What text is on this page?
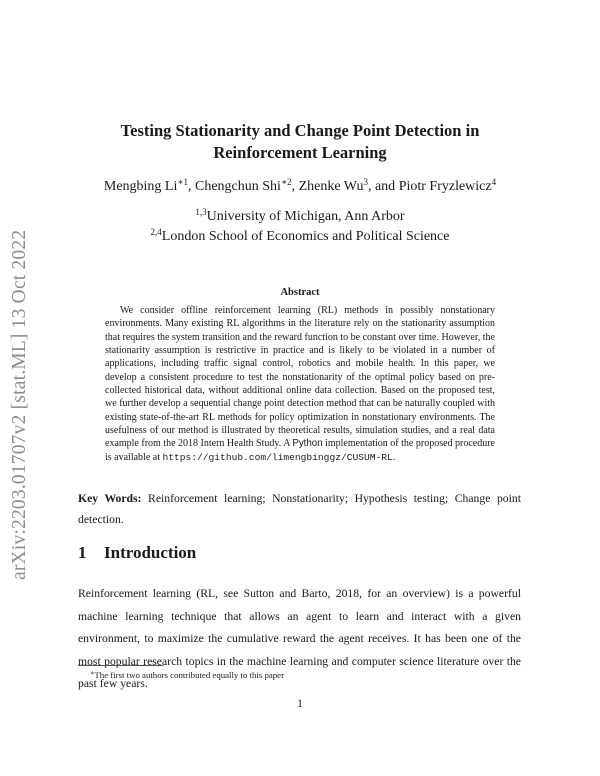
arXiv:2203.01707v2 [stat.ML] 13 Oct 2022
Testing Stationarity and Change Point Detection in
Reinforcement Learning
Mengbing $Li^{∗1}$, Chengchun Shi$^{∗2}$, Zhenke Wu$^3$, and Piotr Fryzlewicz$^4$
$^{1,3}$University of Michigan, Ann Arbor
$^{2,4}$London School of Economics and Political Science
Abstract
We consider offline reinforcement learning (RL) methods in possibly nonstationary environments. Many existing RL algorithms in the literature rely on the stationarity assumption that requires the system transition and the reward function to be constant over time. However, the stationarity assumption is restrictive in practice and is likely to be violated in a number of applications, including traffic signal control, robotics and mobile health. In this paper, we develop a consistent procedure to test the nonstationarity of the optimal policy based on pre-collected historical data, without additional online data collection. Based on the proposed test, we further develop a sequential change point detection method that can be naturally coupled with existing state-of-the-art RL methods for policy optimization in nonstationary environments. The usefulness of our method is illustrated by theoretical results, simulation studies, and a real data example from the 2018 Intern Health Study. A Python implementation of the proposed procedure is available at https://github.com/limengbinggz/CUSUM-RL.
Key Words: Reinforcement learning; Nonstationarity; Hypothesis testing; Change point detection.
1 Introduction
Reinforcement learning (RL, see Sutton and Barto, 2018, for an overview) is a powerful machine learning technique that allows an agent to learn and interact with a given environment, to maximize the cumulative reward the agent receives. It has been one of the most popular research topics in the machine learning and computer science literature over the past few years.
∗The first two authors contributed equally to this paper
1
